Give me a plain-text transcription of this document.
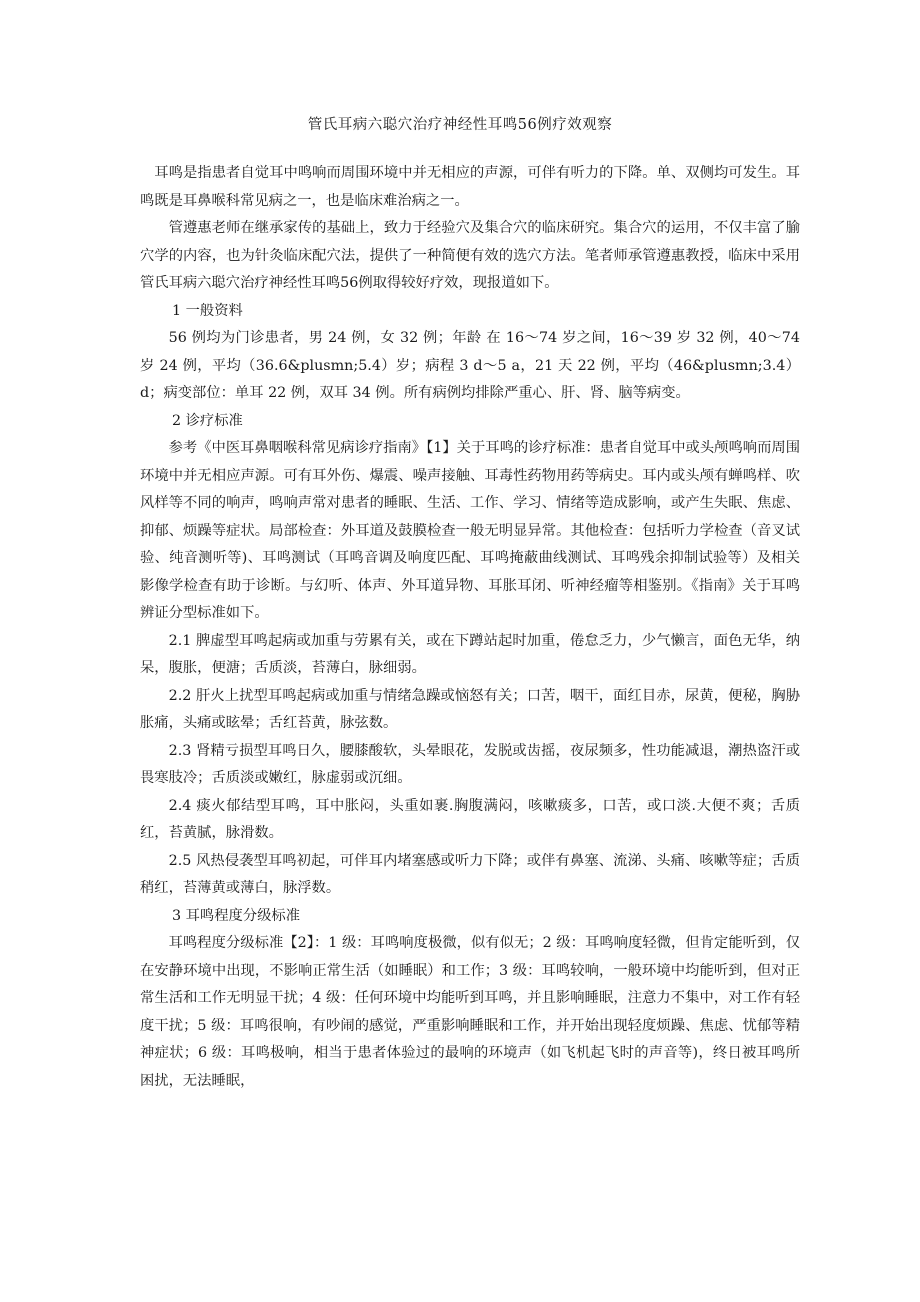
管氏耳病六聪穴治疗神经性耳鸣56例疗效观察

耳鸣是指患者自觉耳中鸣响而周围环境中并无相应的声源，可伴有听力的下降。单、双侧均可发生。耳鸣既是耳鼻喉科常见病之一，也是临床难治病之一。

管遵惠老师在继承家传的基础上，致力于经验穴及集合穴的临床研究。集合穴的运用，不仅丰富了腧穴学的内容，也为针灸临床配穴法，提供了一种简便有效的选穴方法。笔者师承管遵惠教授，临床中采用管氏耳病六聪穴治疗神经性耳鸣56例取得较好疗效，现报道如下。

1 一般资料

56 例均为门诊患者，男 24 例，女 32 例；年龄 在 16～74 岁之间，16～39 岁 32 例，40～74 岁 24 例，平均（36.6&plusmn;5.4）岁；病程 3 d～5 a，21 天 22 例，平均（46&plusmn;3.4）d；病变部位：单耳 22 例，双耳 34 例。所有病例均排除严重心、肝、肾、脑等病变。

2 诊疗标准

参考《中医耳鼻咽喉科常见病诊疗指南》【1】关于耳鸣的诊疗标准：患者自觉耳中或头颅鸣响而周围环境中并无相应声源。可有耳外伤、爆震、噪声接触、耳毒性药物用药等病史。耳内或头颅有蝉鸣样、吹风样等不同的响声，鸣响声常对患者的睡眠、生活、工作、学习、情绪等造成影响，或产生失眠、焦虑、抑郁、烦躁等症状。局部检查：外耳道及鼓膜检查一般无明显异常。其他检查：包括听力学检查（音叉试验、纯音测听等)、耳鸣测试（耳鸣音调及响度匹配、耳鸣掩蔽曲线测试、耳鸣残余抑制试验等）及相关影像学检查有助于诊断。与幻听、体声、外耳道异物、耳胀耳闭、听神经瘤等相鉴别。《指南》关于耳鸣辨证分型标准如下。

2.1 脾虚型耳鸣起病或加重与劳累有关，或在下蹲站起时加重，倦怠乏力，少气懒言，面色无华，纳呆，腹胀，便溏；舌质淡，苔薄白，脉细弱。

2.2 肝火上扰型耳鸣起病或加重与情绪急躁或恼怒有关；口苦，咽干，面红目赤，尿黄，便秘，胸胁胀痛，头痛或眩晕；舌红苔黄，脉弦数。

2.3 肾精亏损型耳鸣日久，腰膝酸软，头晕眼花，发脱或齿摇，夜尿频多，性功能减退，潮热盗汗或畏寒肢冷；舌质淡或嫩红，脉虚弱或沉细。

2.4 痰火郁结型耳鸣，耳中胀闷，头重如裹.胸腹满闷，咳嗽痰多，口苦，或口淡.大便不爽；舌质红，苔黄腻，脉滑数。

2.5 风热侵袭型耳鸣初起，可伴耳内堵塞感或听力下降；或伴有鼻塞、流涕、头痛、咳嗽等症；舌质稍红，苔薄黄或薄白，脉浮数。

3 耳鸣程度分级标准

耳鸣程度分级标准【2】：1 级：耳鸣响度极微，似有似无；2 级：耳鸣响度轻微，但肯定能听到，仅在安静环境中出现，不影响正常生活（如睡眠）和工作；3 级：耳鸣较响，一般环境中均能听到，但对正常生活和工作无明显干扰；4 级：任何环境中均能听到耳鸣，并且影响睡眠，注意力不集中，对工作有轻度干扰；5 级：耳鸣很响，有吵闹的感觉，严重影响睡眠和工作，并开始出现轻度烦躁、焦虑、忧郁等精神症状；6 级：耳鸣极响，相当于患者体验过的最响的环境声（如飞机起飞时的声音等)，终日被耳鸣所困扰，无法睡眠，
